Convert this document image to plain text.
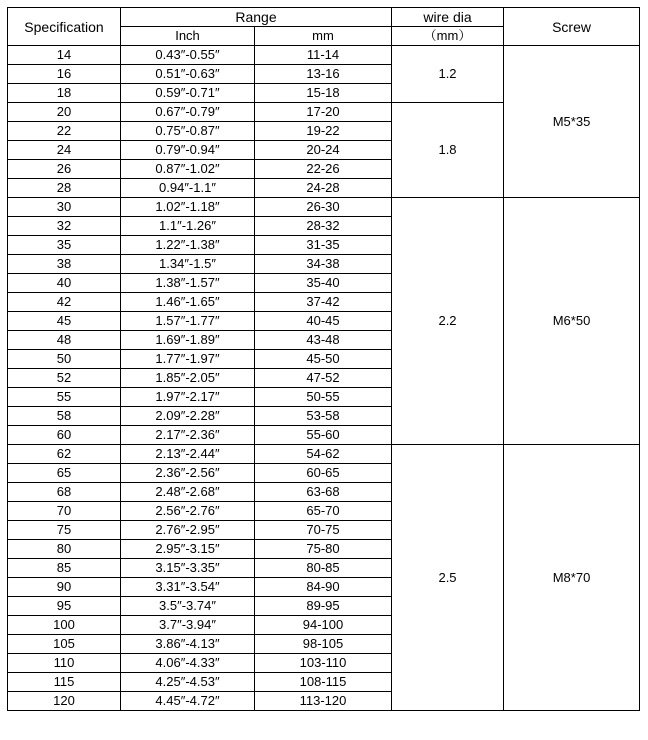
Specification	Range		wire dia	Screw
	Inch	mm	（mm）	
14	0.43″-0.55″	11-14	1.2	M5*35
16	0.51″-0.63″	13-16		
18	0.59″-0.71″	15-18		
20	0.67″-0.79″	17-20	1.8	
22	0.75″-0.87″	19-22		
24	0.79″-0.94″	20-24		
26	0.87″-1.02″	22-26		
28	0.94″-1.1″	24-28		
30	1.02″-1.18″	26-30	2.2	M6*50
32	1.1″-1.26″	28-32		
35	1.22″-1.38″	31-35		
38	1.34″-1.5″	34-38		
40	1.38″-1.57″	35-40		
42	1.46″-1.65″	37-42		
45	1.57″-1.77″	40-45		
48	1.69″-1.89″	43-48		
50	1.77″-1.97″	45-50		
52	1.85″-2.05″	47-52		
55	1.97″-2.17″	50-55		
58	2.09″-2.28″	53-58		
60	2.17″-2.36″	55-60		
62	2.13″-2.44″	54-62	2.5	M8*70
65	2.36″-2.56″	60-65		
68	2.48″-2.68″	63-68		
70	2.56″-2.76″	65-70		
75	2.76″-2.95″	70-75		
80	2.95″-3.15″	75-80		
85	3.15″-3.35″	80-85		
90	3.31″-3.54″	84-90		
95	3.5″-3.74″	89-95		
100	3.7″-3.94″	94-100		
105	3.86″-4.13″	98-105		
110	4.06″-4.33″	103-110		
115	4.25″-4.53″	108-115		
120	4.45″-4.72″	113-120		
